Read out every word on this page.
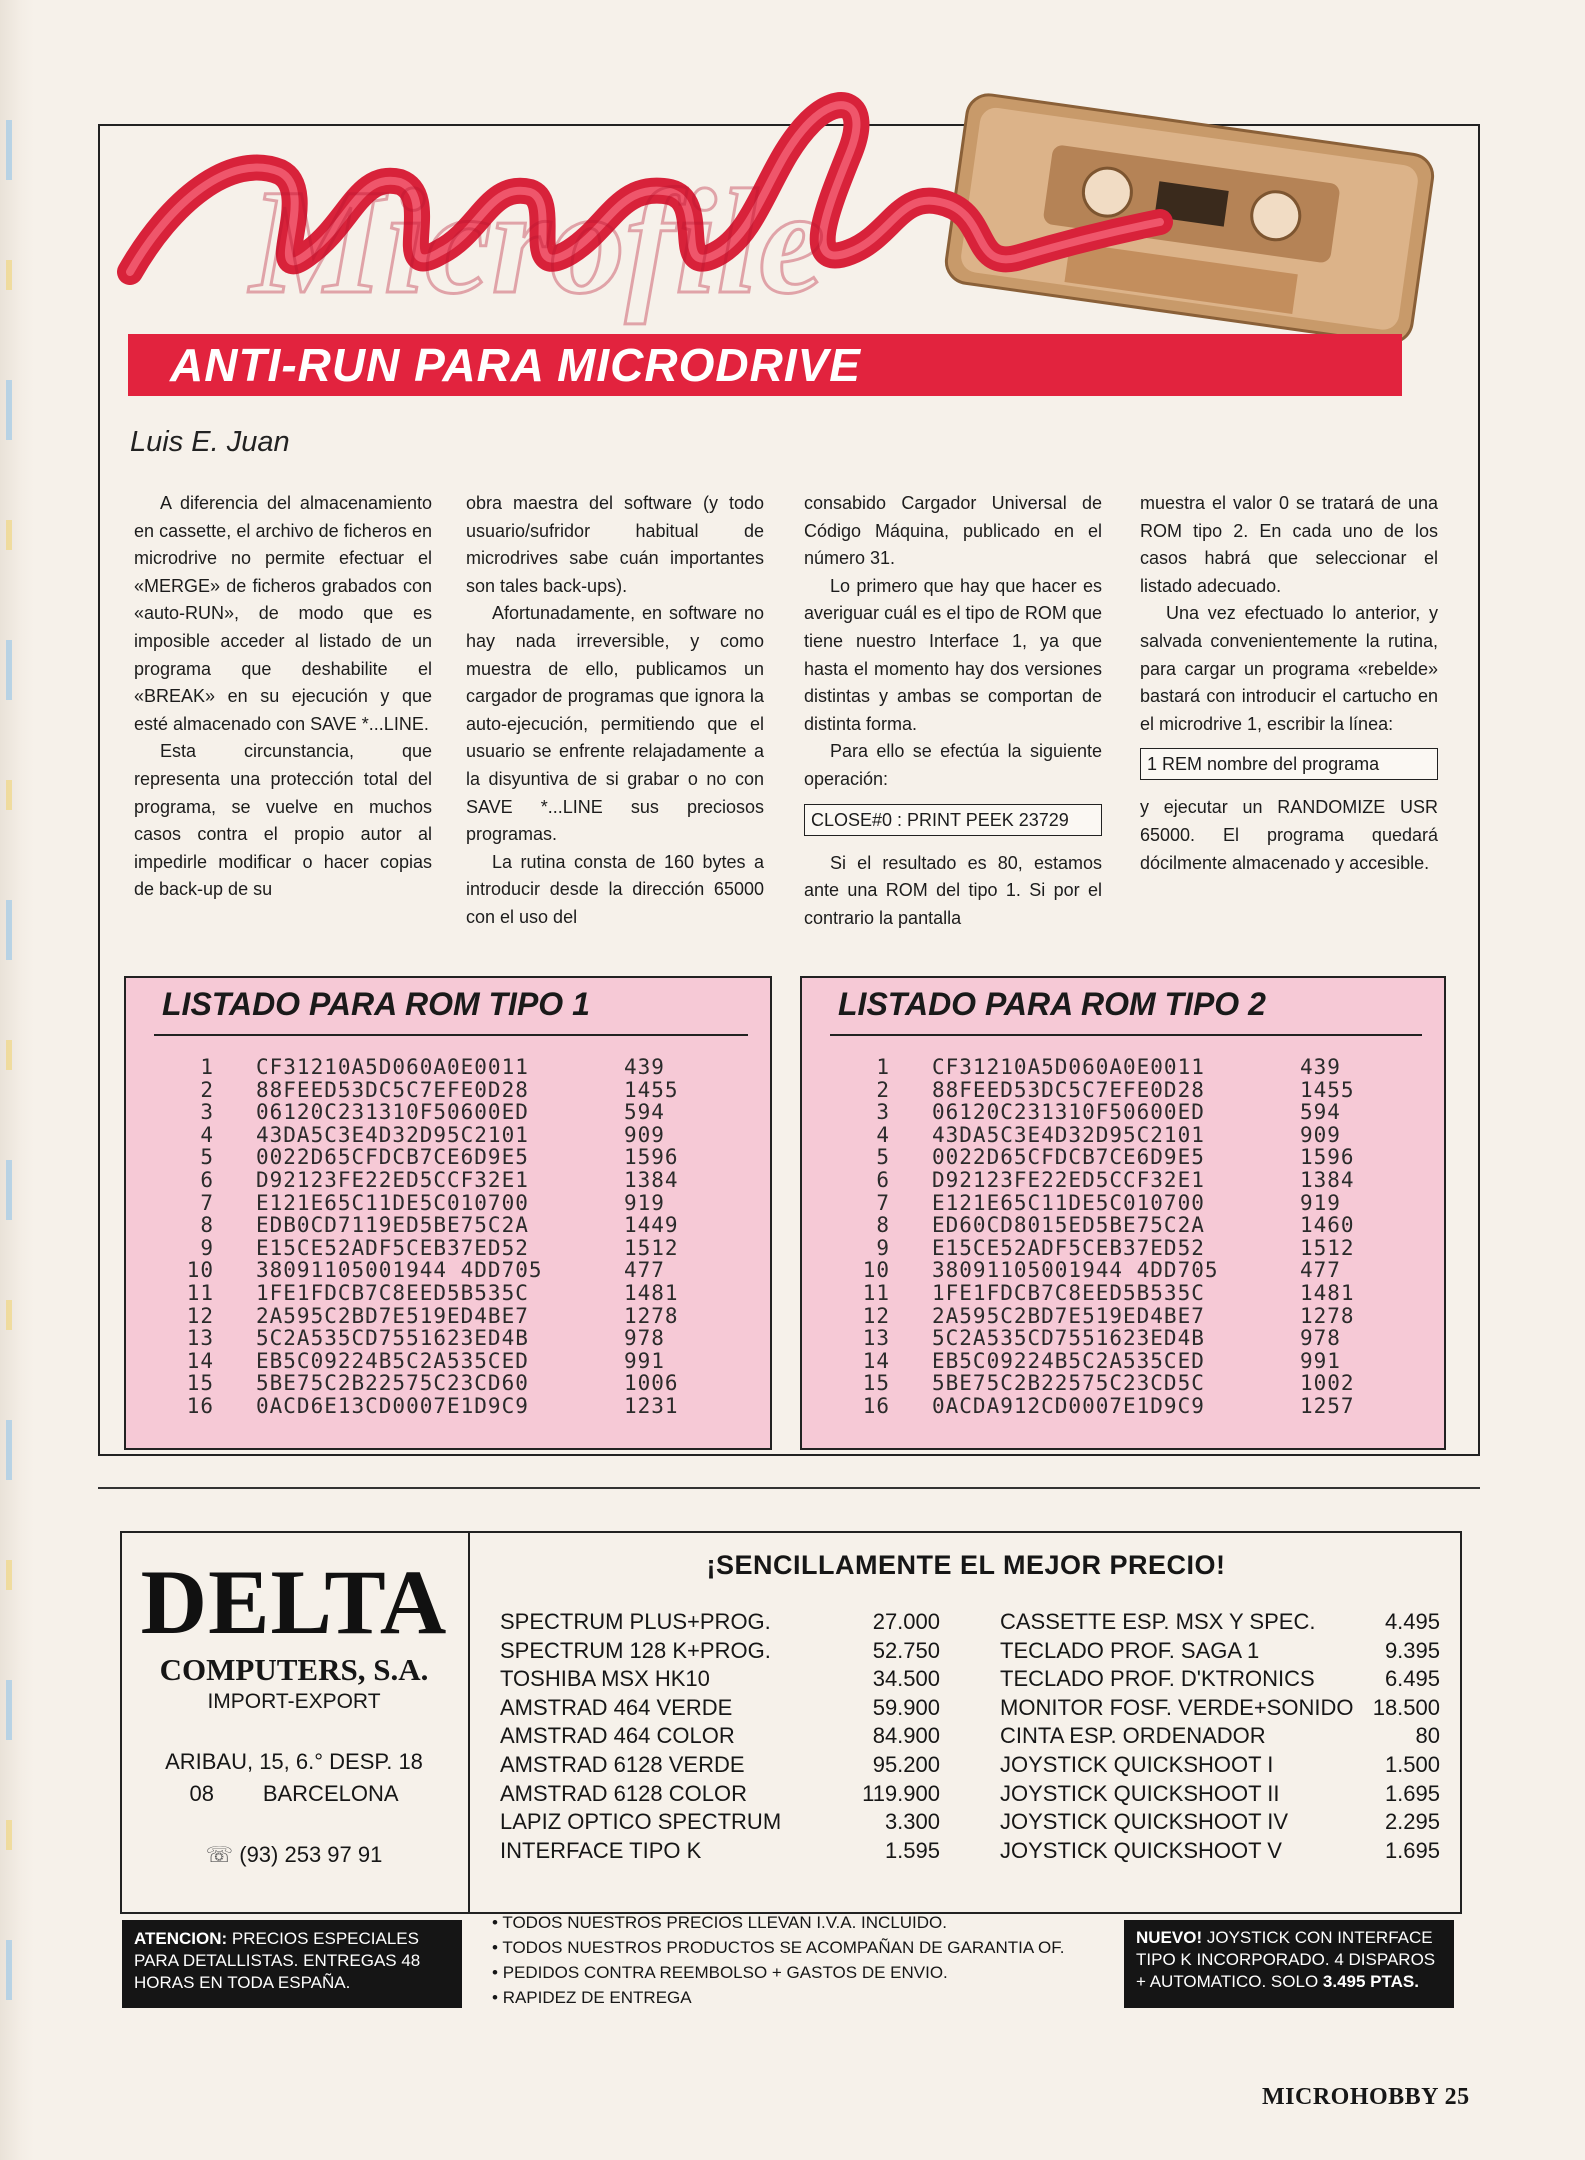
Microfile
ANTI-RUN PARA MICRODRIVE
Luis E. Juan

A diferencia del almacenamiento en cassette, el archivo de ficheros en microdrive no permite efectuar el «MERGE» de ficheros grabados con «auto-RUN», de modo que es imposible acceder al listado de un programa que deshabilite el «BREAK» en su ejecución y que esté almacenado con SAVE *...LINE.

Esta circunstancia, que representa una protección total del programa, se vuelve en muchos casos contra el propio autor al impedirle modificar o hacer copias de back-up de su

obra maestra del software (y todo usuario/sufridor habitual de microdrives sabe cuán importantes son tales back-ups).

Afortunadamente, en software no hay nada irreversible, y como muestra de ello, publicamos un cargador de programas que ignora la auto-ejecución, permitiendo que el usuario se enfrente relajadamente a la disyuntiva de si grabar o no con SAVE *...LINE sus preciosos programas.

La rutina consta de 160 bytes a introducir desde la dirección 65000 con el uso del

consabido Cargador Universal de Código Máquina, publicado en el número 31.

Lo primero que hay que hacer es averiguar cuál es el tipo de ROM que tiene nuestro Interface 1, ya que hasta el momento hay dos versiones distintas y ambas se comportan de distinta forma.

Para ello se efectúa la siguiente operación:

CLOSE#0 : PRINT PEEK 23729

Si el resultado es 80, estamos ante una ROM del tipo 1. Si por el contrario la pantalla

muestra el valor 0 se tratará de una ROM tipo 2. En cada uno de los casos habrá que seleccionar el listado adecuado.

Una vez efectuado lo anterior, y salvada convenientemente la rutina, para cargar un programa «rebelde» bastará con introducir el cartucho en el microdrive 1, escribir la línea:

1 REM nombre del programa

y ejecutar un RANDOMIZE USR 65000. El programa quedará dócilmente almacenado y accesible.

LISTADO PARA ROM TIPO 1
1 CF31210A5D060A0E0011	439
2 88FEED53DC5C7EFE0D28	1455
3 06120C231310F50600ED	594
4 43DA5C3E4D32D95C2101	909
5 0022D65CFDCB7CE6D9E5	1596
6 D92123FE22ED5CCF32E1	1384
7 E121E65C11DE5C010700	919
8 EDB0CD7119ED5BE75C2A	1449
9 E15CE52ADF5CEB37ED52	1512
10 38091105001944 4DD705	477
11 1FE1FDCB7C8EED5B535C	1481
12 2A595C2BD7E519ED4BE7	1278
13 5C2A535CD7551623ED4B	978
14 EB5C09224B5C2A535CED	991
15 5BE75C2B22575C23CD60	1006
16 0ACD6E13CD0007E1D9C9	1231
LISTADO PARA ROM TIPO 2
1 CF31210A5D060A0E0011	439
2 88FEED53DC5C7EFE0D28	1455
3 06120C231310F50600ED	594
4 43DA5C3E4D32D95C2101	909
5 0022D65CFDCB7CE6D9E5	1596
6 D92123FE22ED5CCF32E1	1384
7 E121E65C11DE5C010700	919
8 ED60CD8015ED5BE75C2A	1460
9 E15CE52ADF5CEB37ED52	1512
10 38091105001944 4DD705	477
11 1FE1FDCB7C8EED5B535C	1481
12 2A595C2BD7E519ED4BE7	1278
13 5C2A535CD7551623ED4B	978
14 EB5C09224B5C2A535CED	991
15 5BE75C2B22575C23CD5C	1002
16 0ACDA912CD0007E1D9C9	1257
DELTA
COMPUTERS, S.A.
IMPORT-EXPORT
ARIBAU, 15, 6.° DESP. 18
08        BARCELONA
☏ (93) 253 97 91
¡SENCILLAMENTE EL MEJOR PRECIO!
SPECTRUM PLUS+PROG.	27.000
SPECTRUM 128 K+PROG.	52.750
TOSHIBA MSX HK10	34.500
AMSTRAD 464 VERDE	59.900
AMSTRAD 464 COLOR	84.900
AMSTRAD 6128 VERDE	95.200
AMSTRAD 6128 COLOR	119.900
LAPIZ OPTICO SPECTRUM	3.300
INTERFACE TIPO K	1.595
CASSETTE ESP. MSX Y SPEC.	4.495
TECLADO PROF. SAGA 1	9.395
TECLADO PROF. D'KTRONICS	6.495
MONITOR FOSF. VERDE+SONIDO 18.500
CINTA ESP. ORDENADOR	80
JOYSTICK QUICKSHOOT I	1.500
JOYSTICK QUICKSHOOT II	1.695
JOYSTICK QUICKSHOOT IV	2.295
JOYSTICK QUICKSHOOT V	1.695
ATENCION: PRECIOS ESPECIALES PARA DETALLISTAS. ENTREGAS 48 HORAS EN TODA ESPAÑA.
• TODOS NUESTROS PRECIOS LLEVAN I.V.A. INCLUIDO.
• TODOS NUESTROS PRODUCTOS SE ACOMPAÑAN DE GARANTIA OF.
• PEDIDOS CONTRA REEMBOLSO + GASTOS DE ENVIO.
• RAPIDEZ DE ENTREGA
NUEVO! JOYSTICK CON INTERFACE TIPO K INCORPORADO. 4 DISPAROS + AUTOMATICO. SOLO 3.495 PTAS.
MICROHOBBY 25
